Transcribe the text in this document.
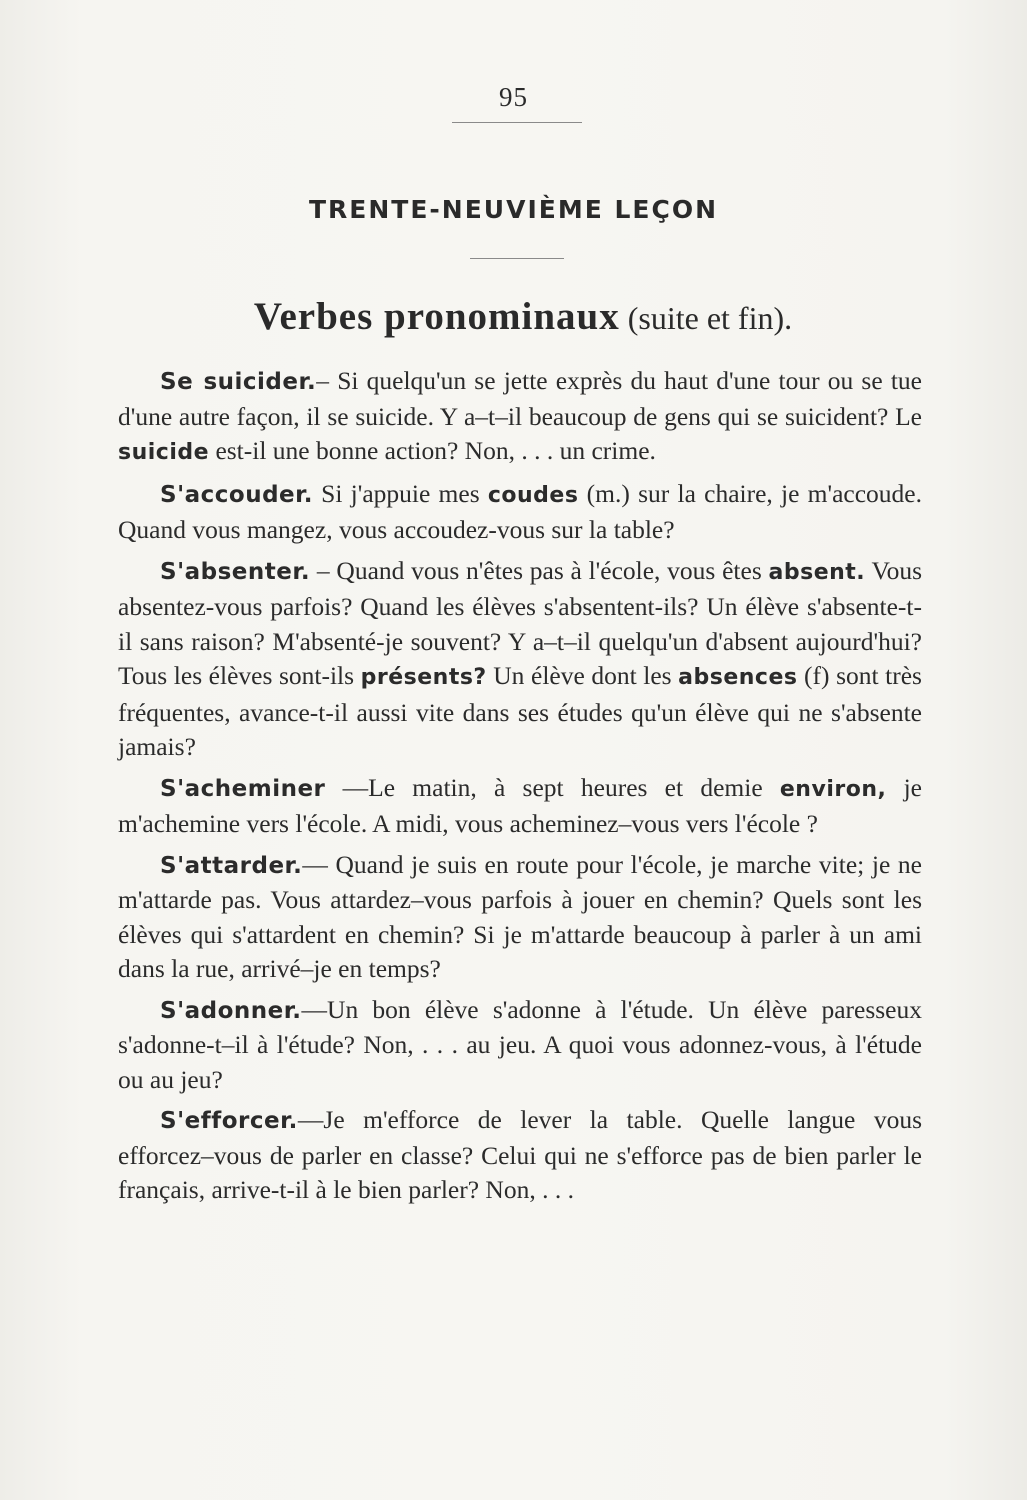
95
TRENTE-NEUVIÈME LEÇON
Verbes pronominaux (suite et fin).

Se suicider.– Si quelqu'un se jette exprès du haut d'une tour ou se tue d'une autre façon, il se suicide. Y a–t–il beaucoup de gens qui se suicident? Le suicide est-il une bonne action? Non, . . . un crime.

S'accouder. Si j'appuie mes coudes (m.) sur la chaire, je m'accoude. Quand vous mangez, vous accoudez-vous sur la table?

S'absenter. – Quand vous n'êtes pas à l'école, vous êtes absent. Vous absentez-vous parfois? Quand les élèves s'absentent-ils? Un élève s'absente-t-il sans raison? M'absenté-je souvent? Y a–t–il quelqu'un d'absent aujourd'hui? Tous les élèves sont-ils présents? Un élève dont les absences (f) sont très fréquentes, avance-t-il aussi vite dans ses études qu'un élève qui ne s'absente jamais?

S'acheminer —Le matin, à sept heures et demie environ, je m'achemine vers l'école. A midi, vous acheminez–vous vers l'école ?

S'attarder.— Quand je suis en route pour l'école, je marche vite; je ne m'attarde pas. Vous attardez–vous parfois à jouer en chemin? Quels sont les élèves qui s'attardent en chemin? Si je m'attarde beaucoup à parler à un ami dans la rue, arrivé–je en temps?

S'adonner.—Un bon élève s'adonne à l'étude. Un élève paresseux s'adonne-t–il à l'étude? Non, . . . au jeu. A quoi vous adonnez-vous, à l'étude ou au jeu?

S'efforcer.—Je m'efforce de lever la table. Quelle langue vous efforcez–vous de parler en classe? Celui qui ne s'efforce pas de bien parler le français, arrive-t-il à le bien parler? Non, . . .
